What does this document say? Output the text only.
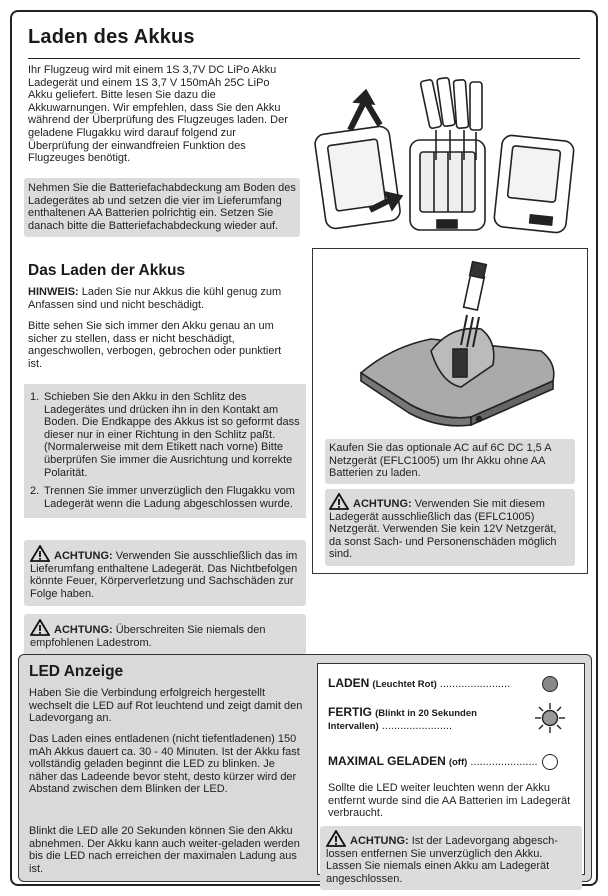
Laden des Akkus
Ihr Flugzeug wird mit einem 1S 3,7V DC LiPo Akku Ladegerät und einem 1S 3,7 V 150mAh 25C LiPo Akku geliefert. Bitte lesen Sie dazu die Akkuwarnungen. Wir empfehlen, dass Sie den Akku während der Überprüfung des Flugzeuges laden. Der geladene Flugakku wird darauf folgend zur Überprüfung der einwandfreien Funktion des Flugzeuges benötigt.
Nehmen Sie die Batteriefachabdeckung am Boden des Ladegerätes ab und setzen die vier im Lieferumfang enthaltenen AA Batterien polrichtig ein. Setzen Sie danach bitte die Batteriefachabdeckung wieder auf.
Das Laden der Akkus
HINWEIS: Laden Sie nur Akkus die kühl genug zum Anfassen sind und nicht beschädigt.
Bitte sehen Sie sich immer den Akku genau an um sicher zu stellen, dass er nicht beschädigt, angeschwollen, verbogen, gebrochen oder punktiert ist.
1. Schieben Sie den Akku in den Schlitz des Ladegerätes und drücken ihn in den Kontakt am Boden. Die Endkappe des Akkus ist so geformt dass dieser nur in einer Richtung in den Schlitz paßt. (Normalerweise mit dem Etikett nach vorne) Bitte überprüfen Sie immer die Ausrichtung und korrekte Polarität.
2. Trennen Sie immer unverzüglich den Flugakku vom Ladegerät wenn die Ladung abgeschlossen wurde.
ACHTUNG: Verwenden Sie ausschließlich das im Lieferumfang enthaltene Ladegerät. Das Nichtbefolgen könnte Feuer, Körperverletzung und Sachschäden zur Folge haben.
ACHTUNG: Überschreiten Sie niemals den empfohlenen Ladestrom.
Kaufen Sie das optionale AC auf 6C DC 1,5 A Netzgerät (EFLC1005) um Ihr Akku ohne AA Batterien zu laden.
ACHTUNG: Verwenden Sie mit diesem Ladegerät ausschließlich das (EFLC1005) Netzgerät. Verwenden Sie kein 12V Netzgerät, da sonst Sach- und Personenschäden möglich sind.
LED Anzeige
Haben Sie die Verbindung erfolgreich hergestellt wechselt die LED auf Rot leuchtend und zeigt damit den Ladevorgang an.
Das Laden eines entladenen (nicht tiefentladenen) 150 mAh Akkus dauert ca. 30 - 40 Minuten. Ist der Akku fast vollständig geladen beginnt die LED zu blinken. Je näher das Ladeende bevor steht, desto kürzer wird der Abstand zwischen dem Blinken der LED.
Blinkt die LED alle 20 Sekunden können Sie den Akku abnehmen. Der Akku kann auch weiter-geladen werden bis die LED nach erreichen der maximalen Ladung aus ist.
LADEN (Leuchtet Rot) .......................
FERTIG (Blinkt in 20 Sekunden Intervallen) .......................
MAXIMAL GELADEN (off) ......................
Sollte die LED weiter leuchten wenn der Akku entfernt wurde sind die AA Batterien im Ladegerät verbraucht.
ACHTUNG: Ist der Ladevorgang abgesch-lossen entfernen Sie unverzüglich den Akku. Lassen Sie niemals einen Akku am Ladegerät angeschlossen.
